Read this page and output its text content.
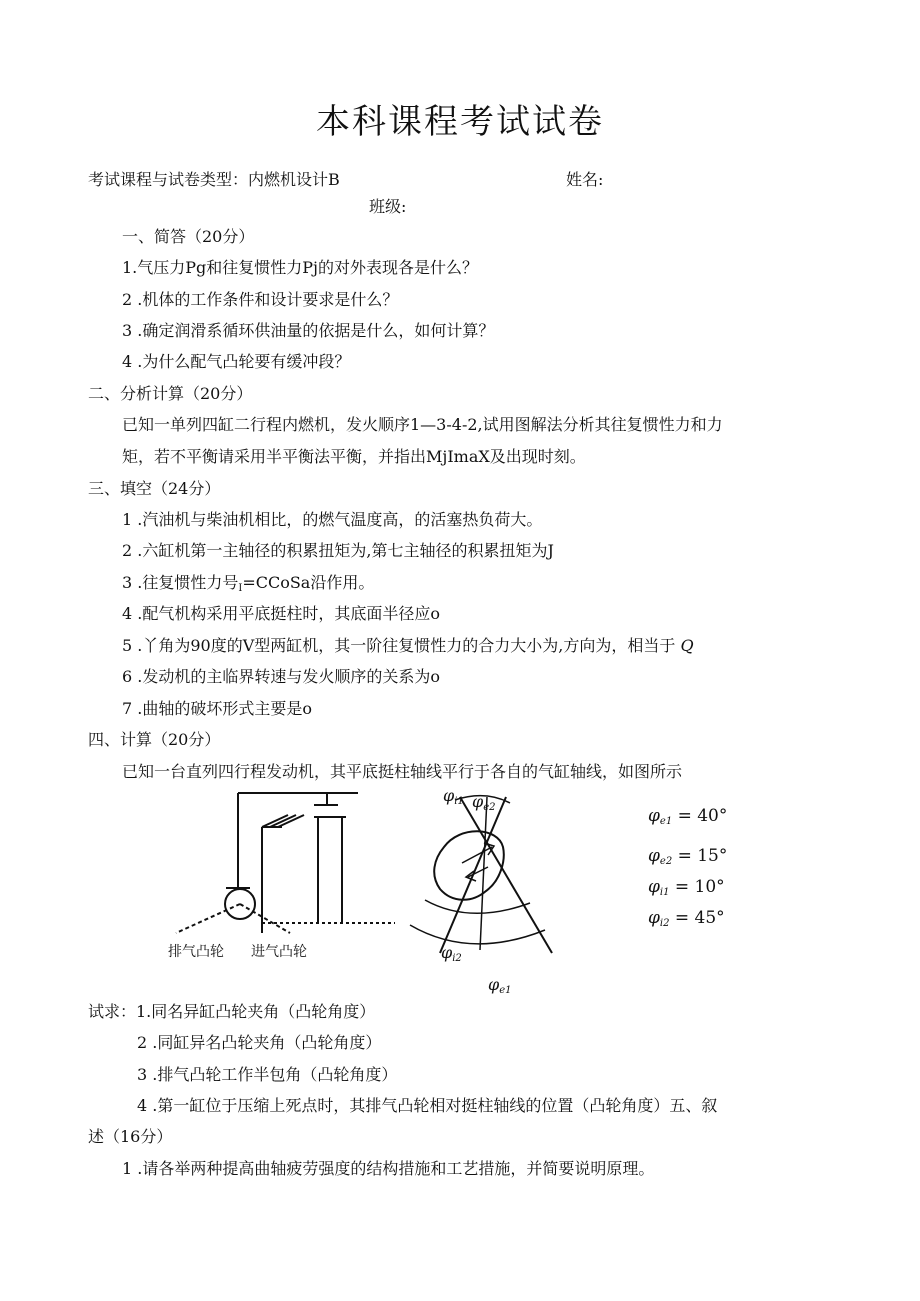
本科课程考试试卷
考试课程与试卷类型：内燃机设计B	姓名:
班级:
一、简答（20分）
1.气压力Pg和往复惯性力Pj的对外表现各是什么？
2 .机体的工作条件和设计要求是什么？
3 .确定润滑系循环供油量的依据是什么，如何计算？
4 .为什么配气凸轮要有缓冲段？
二、分析计算（20分）
已知一单列四缸二行程内燃机，发火顺序1—3-4-2,试用图解法分析其往复惯性力和力
矩，若不平衡请采用半平衡法平衡，并指出MjImaX及出现时刻。
三、填空（24分）
1 .汽油机与柴油机相比，的燃气温度高，的活塞热负荷大。
2 .六缸机第一主轴径的积累扭矩为,第七主轴径的积累扭矩为J
3 .往复惯性力号$_I$=CCoSa沿作用。
4 .配气机构采用平底挺柱时，其底面半径应o
5 .丫角为90度的V型两缸机，其一阶往复惯性力的合力大小为,方向为，相当于 Q
6 .发动机的主临界转速与发火顺序的关系为o
7 .曲轴的破坏形式主要是o
四、计算（20分）
已知一台直列四行程发动机，其平底挺柱轴线平行于各自的气缸轴线，如图所示
排气凸轮 进气凸轮
$\varphi_{i1}$ $\varphi_{e2}$
$\varphi_{i2}$
$\varphi_{e1}$
$\varphi_{e1} = 40^\circ$
$\varphi_{e2} = 15^\circ$
$\varphi_{i1} = 10^\circ$
$\varphi_{i2} = 45^\circ$
试求：1.同名异缸凸轮夹角（凸轮角度）
2 .同缸异名凸轮夹角（凸轮角度）
3 .排气凸轮工作半包角（凸轮角度）
4 .第一缸位于压缩上死点时，其排气凸轮相对挺柱轴线的位置（凸轮角度）五、叙
述（16分）
1 .请各举两种提高曲轴疲劳强度的结构措施和工艺措施，并简要说明原理。
